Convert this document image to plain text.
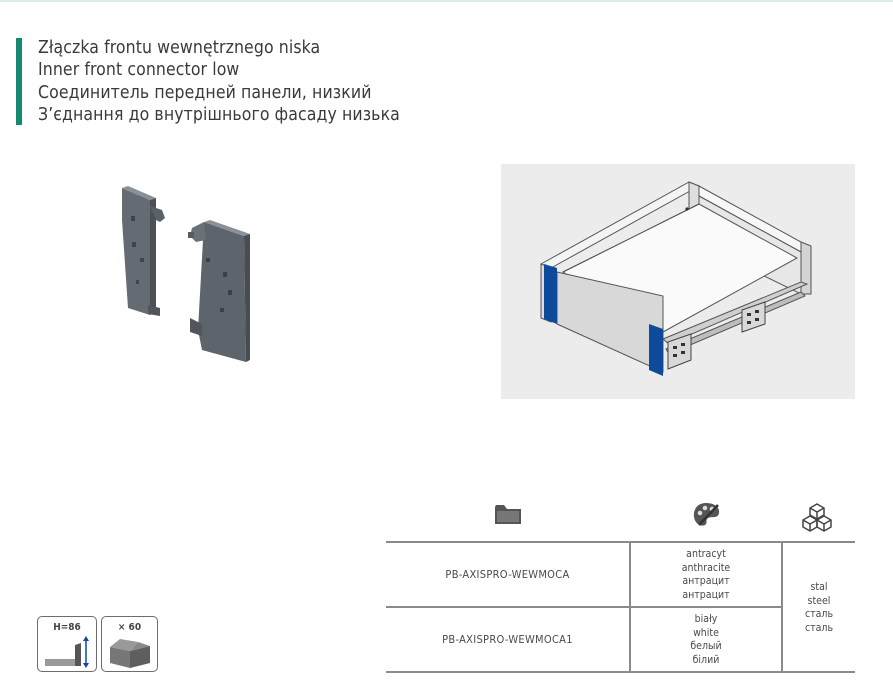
Złączka frontu wewnętrznego niska
Inner front connector low
Соединитель передней панели, низкий
З’єднання до внутрішнього фасаду низька
PB-AXISPRO-WEWMOCA
antracyt
anthracite
антрацит
антрацит
PB-AXISPRO-WEWMOCA1
biały
white
белый
білий
stal
steel
сталь
сталь
H=86	× 60
